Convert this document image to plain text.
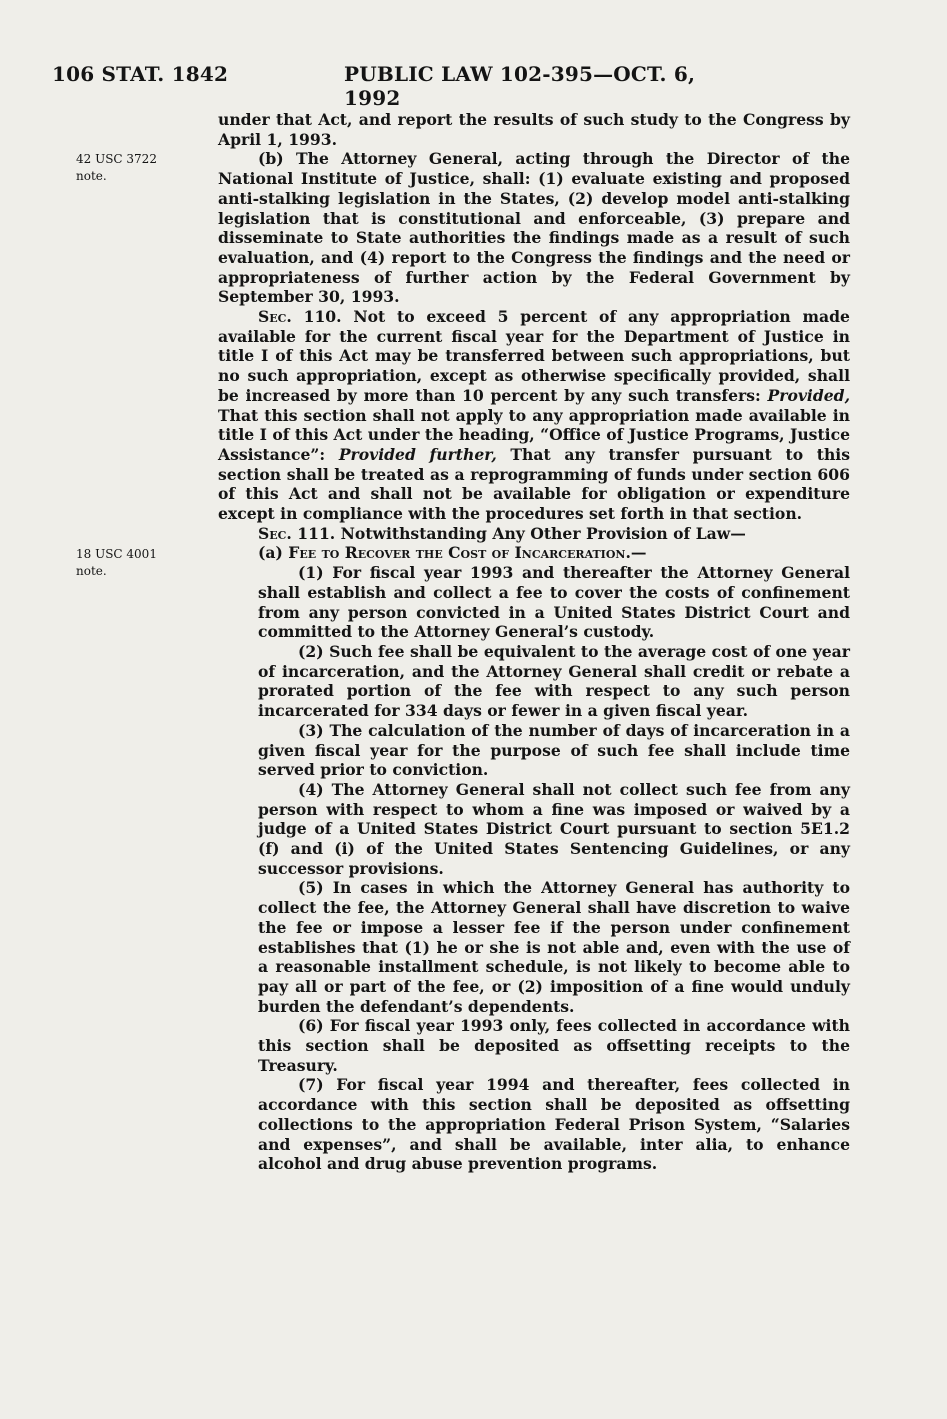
106 STAT. 1842	PUBLIC LAW 102-395—OCT. 6, 1992
42 USC 3722
note.
18 USC 4001
note.

under that Act, and report the results of such study to the Congress by April 1, 1993.

(b) The Attorney General, acting through the Director of the National Institute of Justice, shall: (1) evaluate existing and proposed anti-stalking legislation in the States, (2) develop model anti-stalking legislation that is constitutional and enforceable, (3) prepare and disseminate to State authorities the findings made as a result of such evaluation, and (4) report to the Congress the findings and the need or appropriateness of further action by the Federal Government by September 30, 1993.

Sec. 110. Not to exceed 5 percent of any appropriation made available for the current fiscal year for the Department of Justice in title I of this Act may be transferred between such appropriations, but no such appropriation, except as otherwise specifically provided, shall be increased by more than 10 percent by any such transfers: Provided, That this section shall not apply to any appropriation made available in title I of this Act under the heading, “Office of Justice Programs, Justice Assistance”: Provided further, That any transfer pursuant to this section shall be treated as a reprogramming of funds under section 606 of this Act and shall not be available for obligation or expenditure except in compliance with the procedures set forth in that section.

Sec. 111. Notwithstanding Any Other Provision of Law—

(a) Fee to Recover the Cost of Incarceration.—

(1) For fiscal year 1993 and thereafter the Attorney General shall establish and collect a fee to cover the costs of confinement from any person convicted in a United States District Court and committed to the Attorney General’s custody.

(2) Such fee shall be equivalent to the average cost of one year of incarceration, and the Attorney General shall credit or rebate a prorated portion of the fee with respect to any such person incarcerated for 334 days or fewer in a given fiscal year.

(3) The calculation of the number of days of incarceration in a given fiscal year for the purpose of such fee shall include time served prior to conviction.

(4) The Attorney General shall not collect such fee from any person with respect to whom a fine was imposed or waived by a judge of a United States District Court pursuant to section 5E1.2 (f) and (i) of the United States Sentencing Guidelines, or any successor provisions.

(5) In cases in which the Attorney General has authority to collect the fee, the Attorney General shall have discretion to waive the fee or impose a lesser fee if the person under confinement establishes that (1) he or she is not able and, even with the use of a reasonable installment schedule, is not likely to become able to pay all or part of the fee, or (2) imposition of a fine would unduly burden the defendant’s dependents.

(6) For fiscal year 1993 only, fees collected in accordance with this section shall be deposited as offsetting receipts to the Treasury.

(7) For fiscal year 1994 and thereafter, fees collected in accordance with this section shall be deposited as offsetting collections to the appropriation Federal Prison System, “Salaries and expenses”, and shall be available, inter alia, to enhance alcohol and drug abuse prevention programs.
